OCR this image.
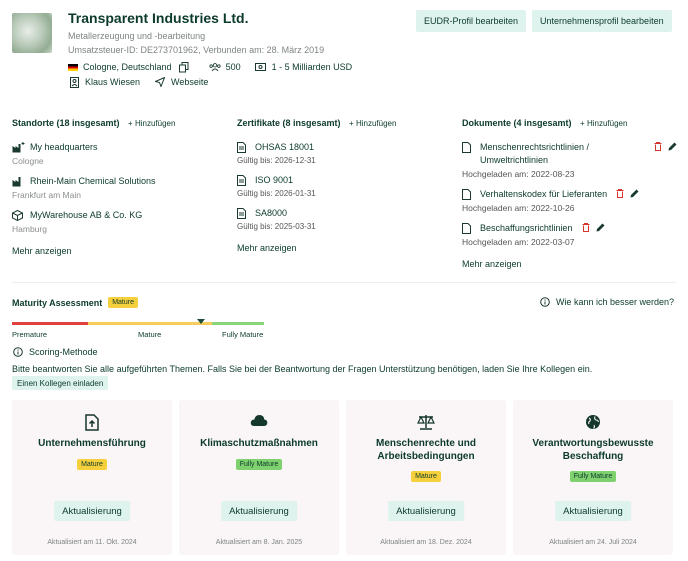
Transparent Industries Ltd.
Metallerzeugung und -bearbeitung
Umsatzsteuer-ID: DE273701962, Verbunden am: 28. März 2019
Cologne, Deutschland	500	1 - 5 Milliarden USD
Klaus Wiesen	Webseite
EUDR-Profil bearbeiten	Unternehmensprofil bearbeiten
Standorte (18 insgesamt) + Hinzufügen
My headquarters
Cologne
Rhein-Main Chemical Solutions
Frankfurt am Main
MyWarehouse AB & Co. KG
Hamburg
Mehr anzeigen
Zertifikate (8 insgesamt) + Hinzufügen
OHSAS 18001
Gültig bis: 2026-12-31
ISO 9001
Gültig bis: 2026-01-31
SA8000
Gültig bis: 2025-03-31
Mehr anzeigen
Dokumente (4 insgesamt) + Hinzufügen
Menschenrechtsrichtlinien /
Umweltrichtlinien
Hochgeladen am: 2022-08-23
Verhaltenskodex für Lieferanten
Hochgeladen am: 2022-10-26
Beschaffungsrichtlinien
Hochgeladen am: 2022-03-07
Mehr anzeigen
Maturity Assessment	Mature
Premature	Mature	Fully Mature
Wie kann ich besser werden?
Scoring-Methode
Bitte beantworten Sie alle aufgeführten Themen. Falls Sie bei der Beantwortung der Fragen Unterstützung benötigen, laden Sie Ihre Kollegen ein.
Einen Kollegen einladen
Unternehmensführung
Mature
Aktualisierung
Aktualisiert am 11. Okt. 2024
Klimaschutzmaßnahmen
Fully Mature
Aktualisierung
Aktualisiert am 8. Jan. 2025
Menschenrechte und Arbeitsbedingungen
Mature
Aktualisierung
Aktualisiert am 18. Dez. 2024
Verantwortungsbewusste Beschaffung
Fully Mature
Aktualisierung
Aktualisiert am 24. Juli 2024
